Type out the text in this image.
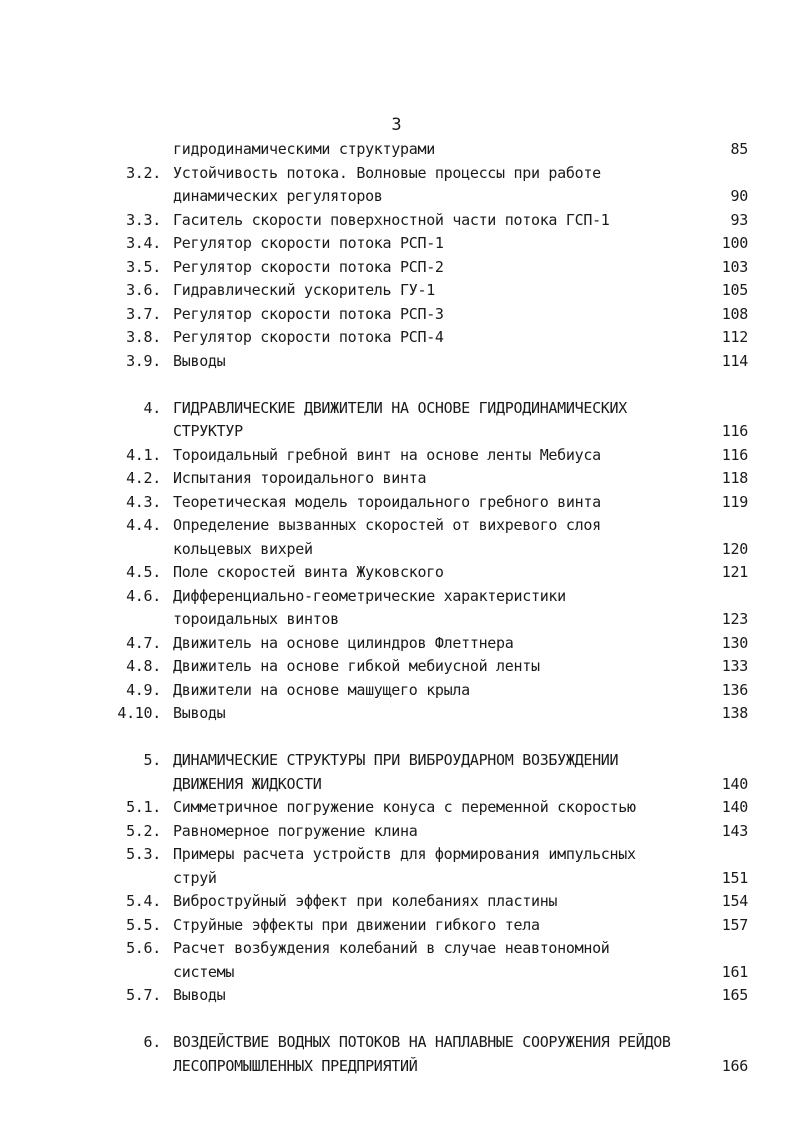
3
гидродинамическими структурами	85
3.2. Устойчивость потока. Волновые процессы при работе
динамических регуляторов	90
3.3. Гаситель скорости поверхностной части потока ГСП-1	93
3.4. Регулятор скорости потока РСП-1	100
3.5. Регулятор скорости потока РСП-2	103
3.6. Гидравлический ускоритель ГУ-1	105
3.7. Регулятор скорости потока РСП-3	108
3.8. Регулятор скорости потока РСП-4	112
3.9. Выводы	114
4. ГИДРАВЛИЧЕСКИЕ ДВИЖИТЕЛИ НА ОСНОВЕ ГИДРОДИНАМИЧЕСКИХ
СТРУКТУР	116
4.1. Тороидальный гребной винт на основе ленты Мебиуса	116
4.2. Испытания тороидального винта	118
4.3. Теоретическая модель тороидального гребного винта	119
4.4. Определение вызванных скоростей от вихревого слоя
кольцевых вихрей	120
4.5. Поле скоростей винта Жуковского	121
4.6. Дифференциально-геометрические характеристики
тороидальных винтов	123
4.7. Движитель на основе цилиндров Флеттнера	130
4.8. Движитель на основе гибкой мебиусной ленты	133
4.9. Движители на основе машущего крыла	136
4.10. Выводы	138
5. ДИНАМИЧЕСКИЕ СТРУКТУРЫ ПРИ ВИБРОУДАРНОМ ВОЗБУЖДЕНИИ
ДВИЖЕНИЯ ЖИДКОСТИ	140
5.1. Симметричное погружение конуса с переменной скоростью	140
5.2. Равномерное погружение клина	143
5.3. Примеры расчета устройств для формирования импульсных
струй	151
5.4. Виброструйный эффект при колебаниях пластины	154
5.5. Струйные эффекты при движении гибкого тела	157
5.6. Расчет возбуждения колебаний в случае неавтономной
системы	161
5.7. Выводы	165
6. ВОЗДЕЙСТВИЕ ВОДНЫХ ПОТОКОВ НА НАПЛАВНЫЕ СООРУЖЕНИЯ РЕЙДОВ
ЛЕСОПРОМЫШЛЕННЫХ ПРЕДПРИЯТИЙ	166
